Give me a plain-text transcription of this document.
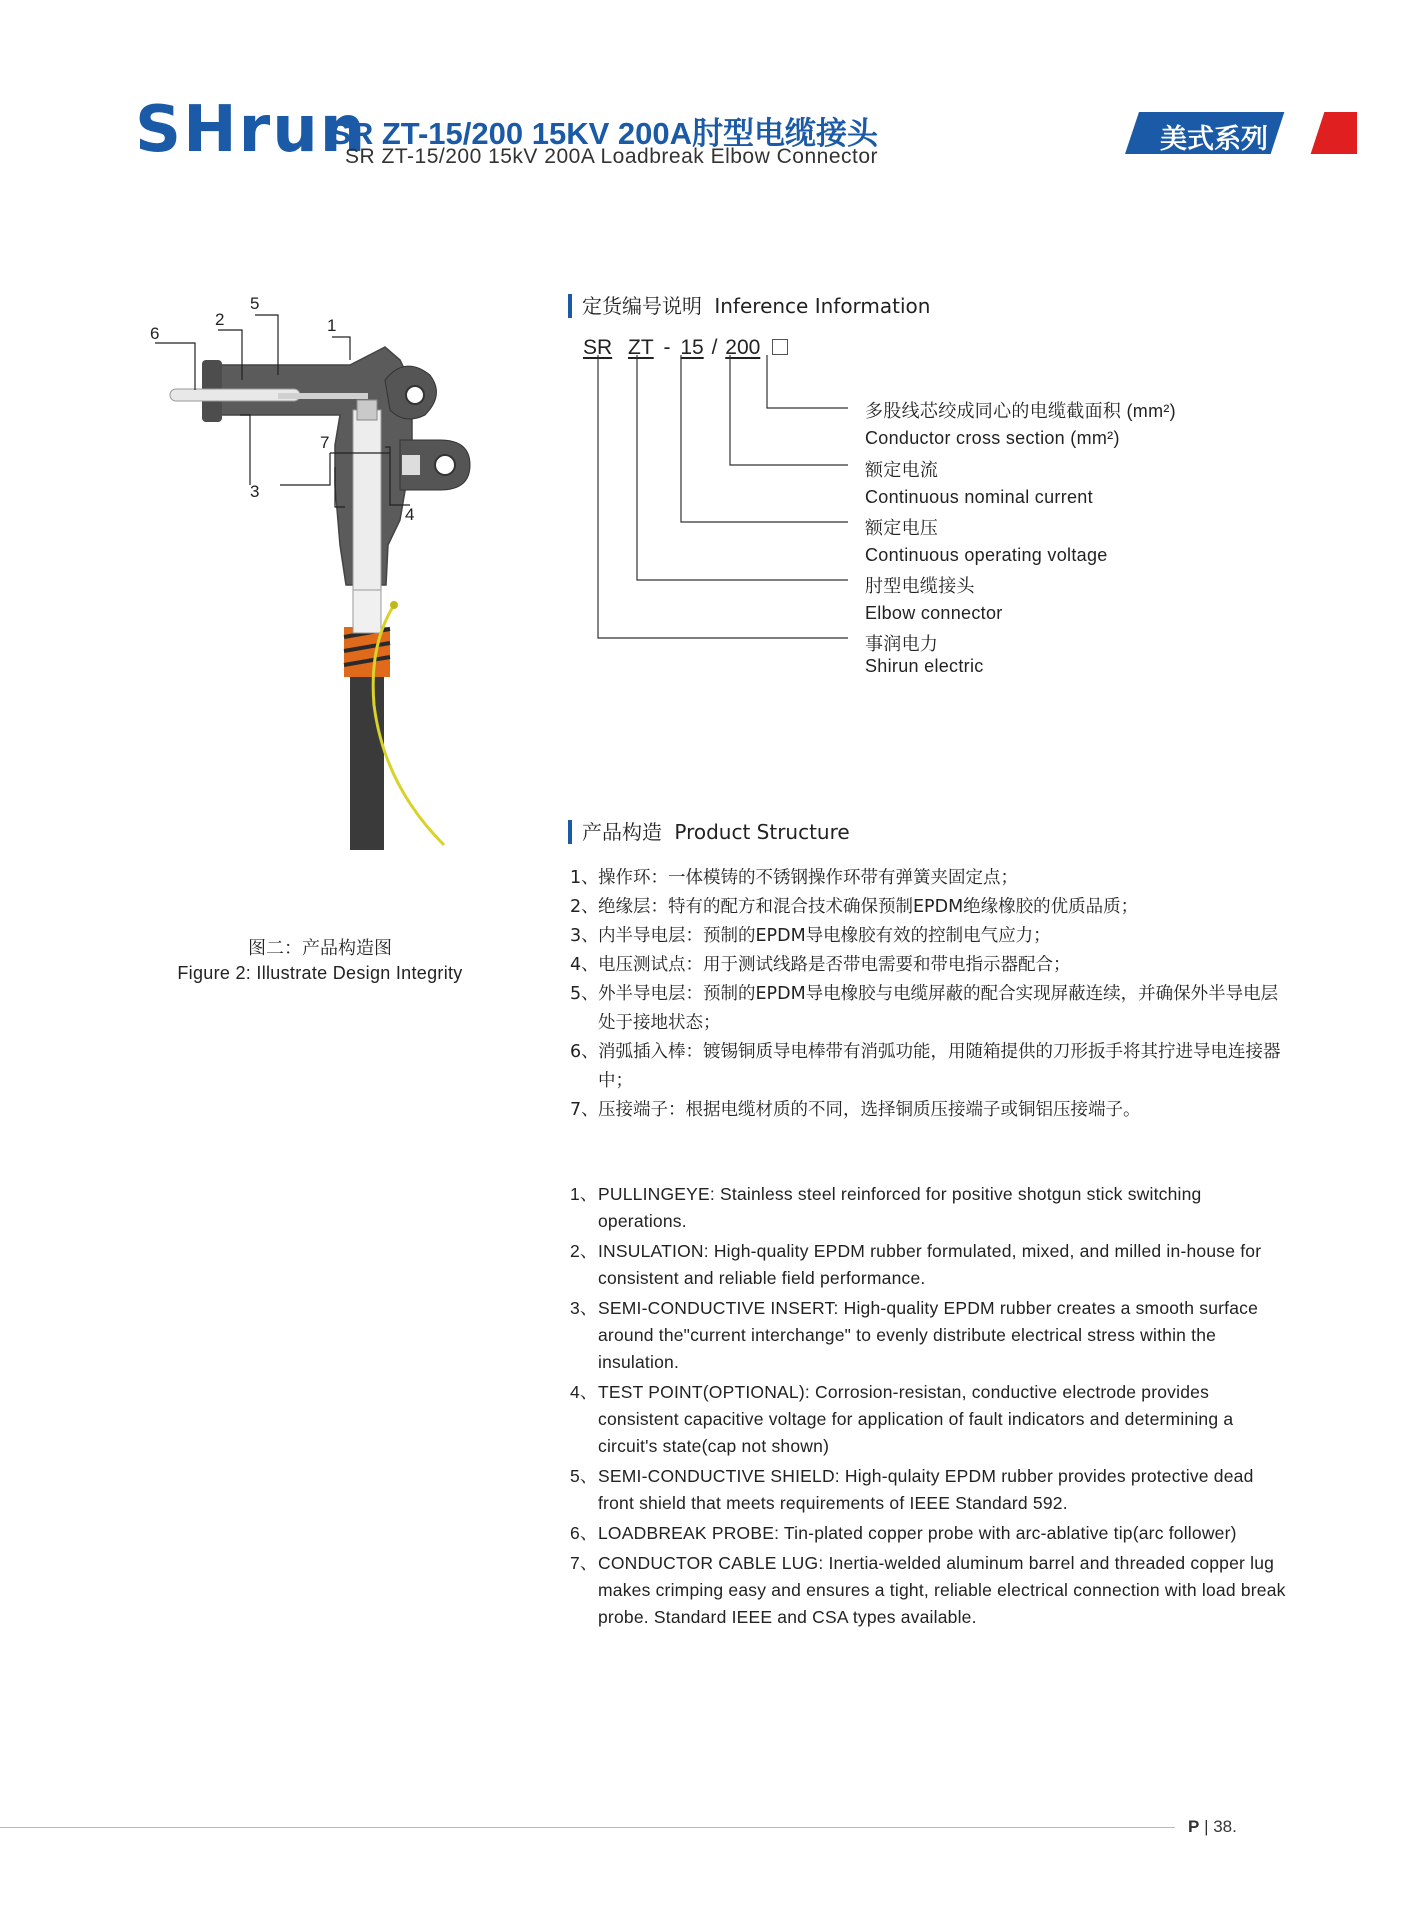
SHrun
SR ZT-15/200 15KV 200A肘型电缆接头
SR ZT-15/200 15kV 200A Loadbreak Elbow Connector
美式系列
定货编号说明 Inference Information
SR ZT - 15 / 200
多股线芯绞成同心的电缆截面积 (mm²)
Conductor cross section (mm²)
额定电流
Continuous nominal current
额定电压
Continuous operating voltage
肘型电缆接头
Elbow connector
事润电力
Shirun electric
1
2
3
4
5
6
7
图二：产品构造图
Figure 2: Illustrate Design Integrity
产品构造 Product Structure
1、 操作环：一体模铸的不锈钢操作环带有弹簧夹固定点；
2、 绝缘层：特有的配方和混合技术确保预制EPDM绝缘橡胶的优质品质；
3、 内半导电层：预制的EPDM导电橡胶有效的控制电气应力；
4、 电压测试点：用于测试线路是否带电需要和带电指示器配合；
5、 外半导电层：预制的EPDM导电橡胶与电缆屏蔽的配合实现屏蔽连续，并确保外半导电层处于接地状态；
6、 消弧插入棒：镀锡铜质导电棒带有消弧功能，用随箱提供的刀形扳手将其拧进导电连接器中；
7、 压接端子：根据电缆材质的不同，选择铜质压接端子或铜铝压接端子。
1、 PULLINGEYE: Stainless steel reinforced for positive shotgun stick switching operations.
2、 INSULATION: High-quality EPDM rubber formulated, mixed, and milled in-house for consistent and reliable field performance.
3、 SEMI-CONDUCTIVE INSERT: High-quality EPDM rubber creates a smooth surface around the"current interchange" to evenly distribute electrical stress within the insulation.
4、 TEST POINT(OPTIONAL): Corrosion-resistan, conductive electrode provides consistent capacitive voltage for application of fault indicators and determining a circuit's state(cap not shown)
5、 SEMI-CONDUCTIVE SHIELD: High-qulaity EPDM rubber provides protective dead front shield that meets requirements of IEEE Standard 592.
6、 LOADBREAK PROBE: Tin-plated copper probe with arc-ablative tip(arc follower)
7、 CONDUCTOR CABLE LUG: Inertia-welded aluminum barrel and threaded copper lug makes crimping easy and ensures a tight, reliable electrical connection with load break probe. Standard IEEE and CSA types available.
P | 38.
